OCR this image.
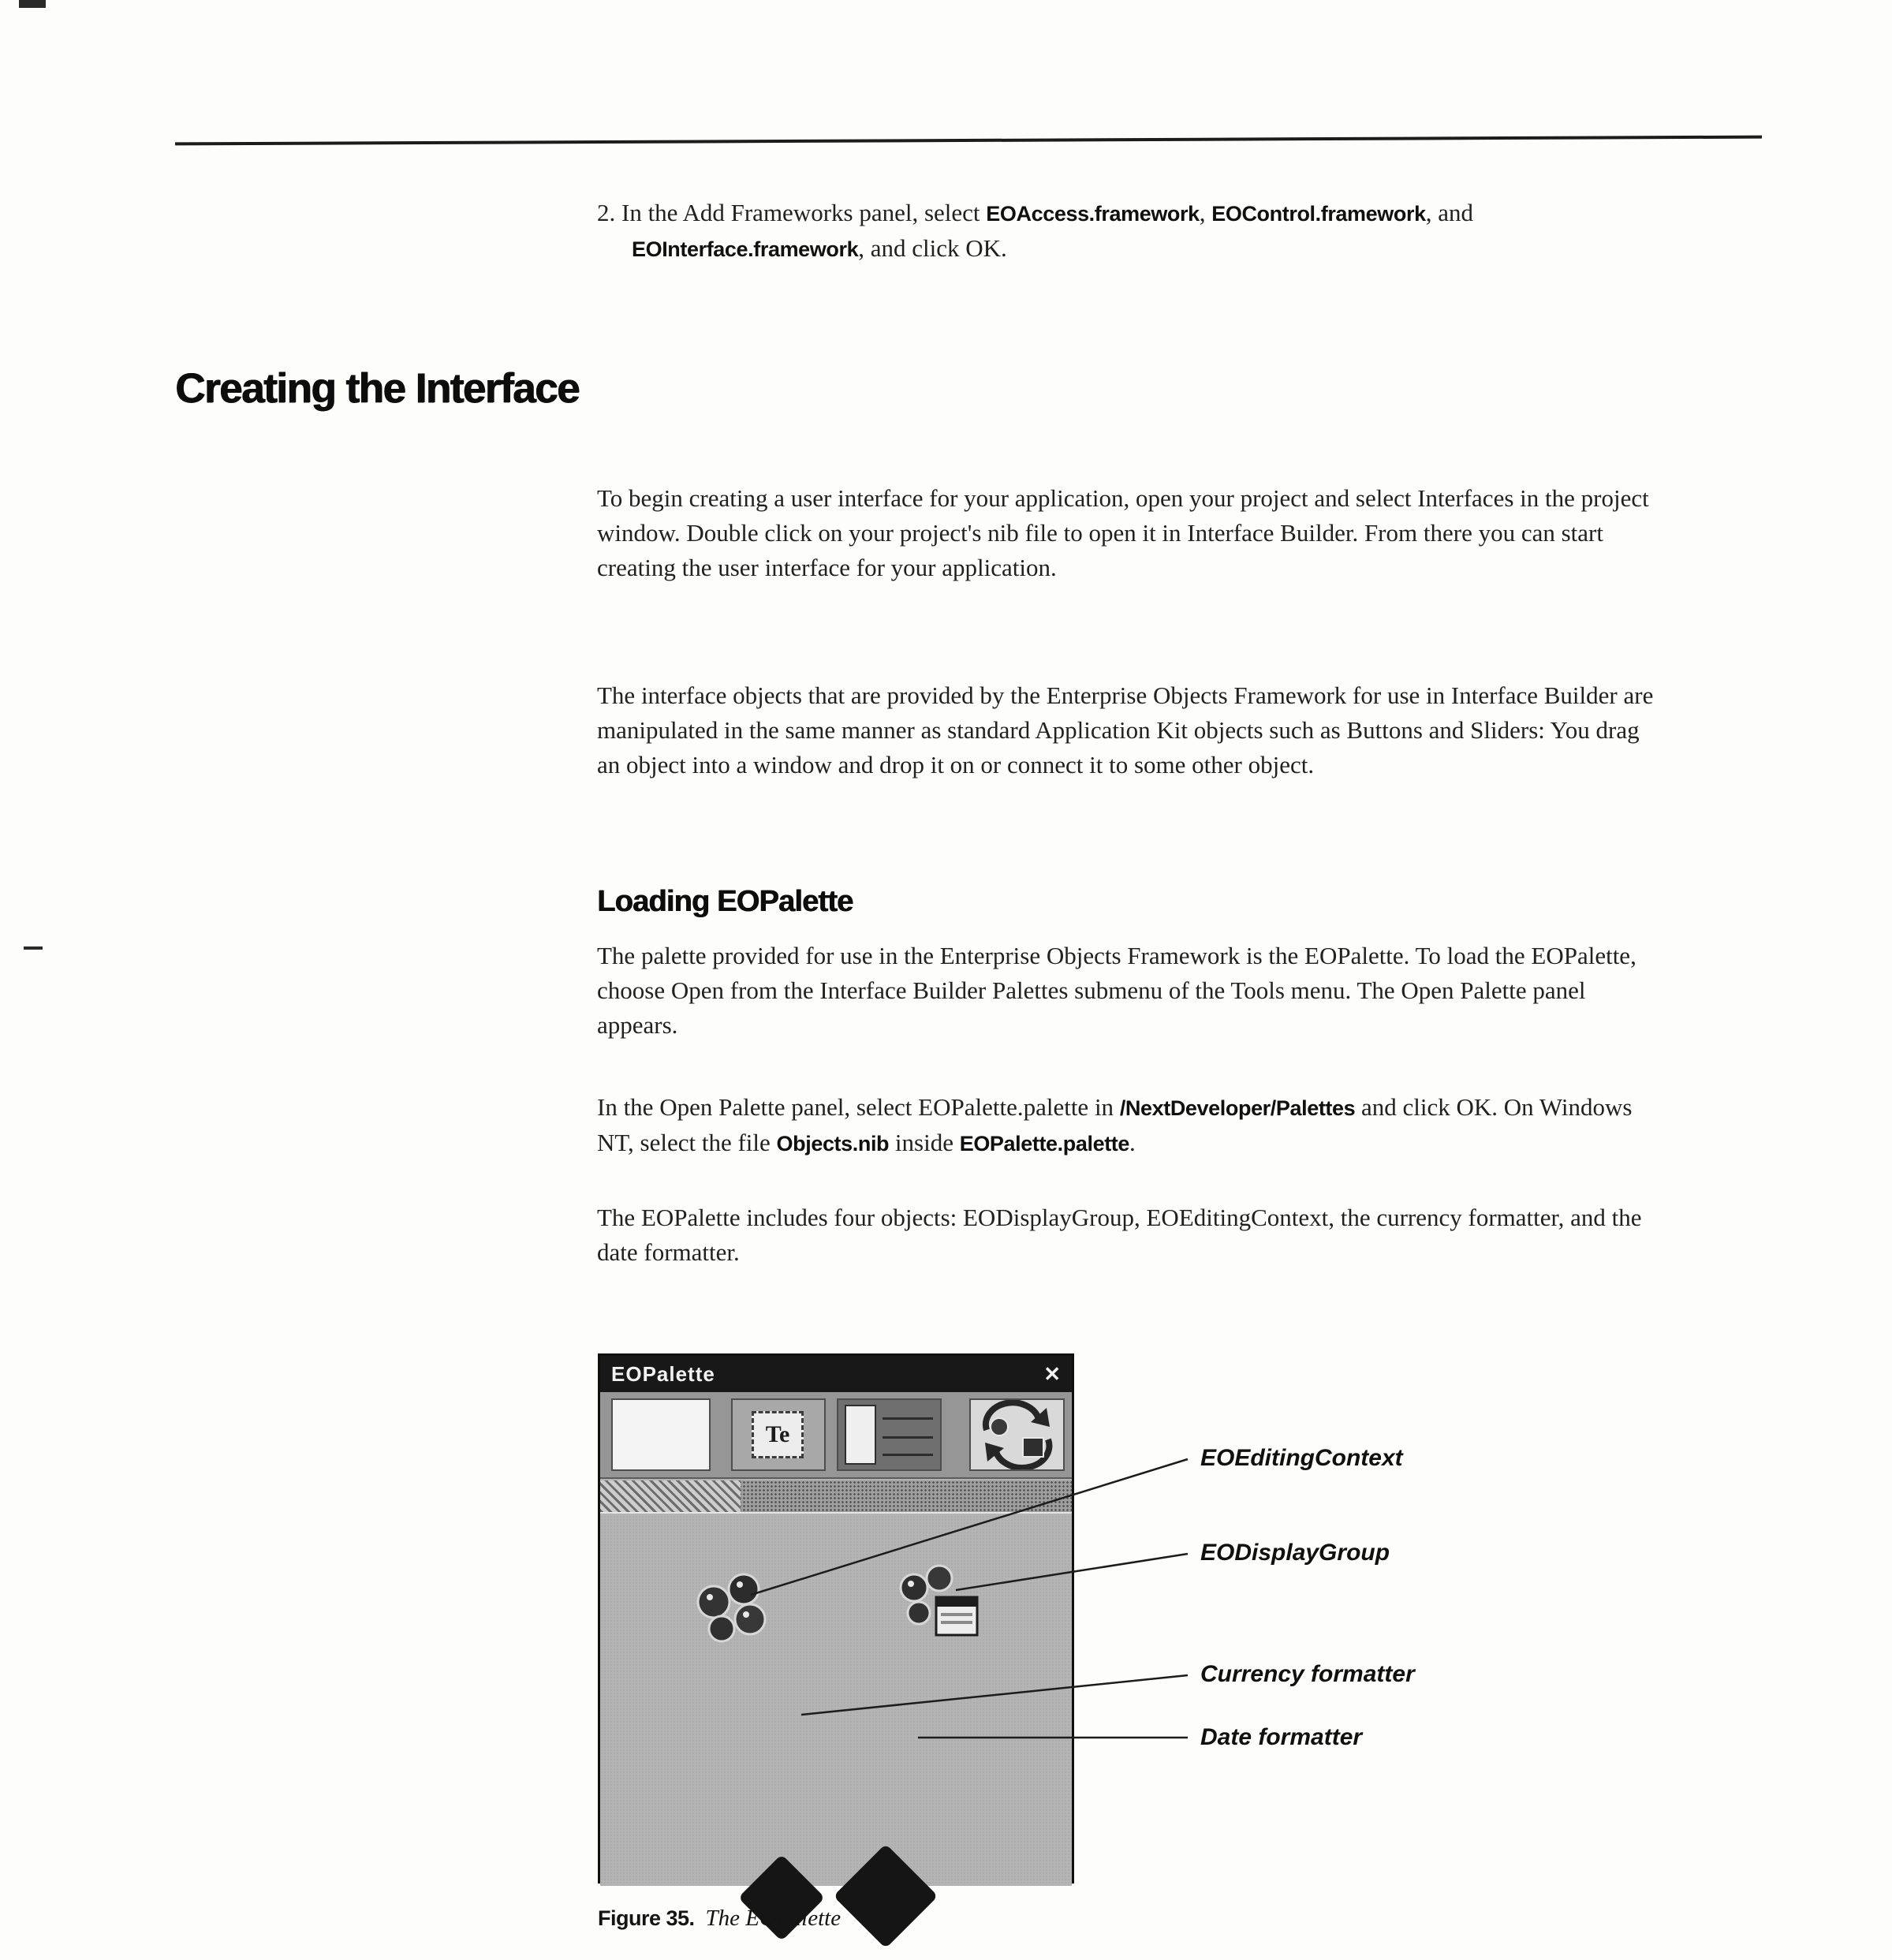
2. In the Add Frameworks panel, select EOAccess.framework, EOControl.framework, and EOInterface.framework, and click OK.
Creating the Interface

To begin creating a user interface for your application, open your project and select Interfaces in the project window. Double click on your project's nib file to open it in Interface Builder. From there you can start creating the user interface for your application.

The interface objects that are provided by the Enterprise Objects Framework for use in Interface Builder are manipulated in the same manner as standard Application Kit objects such as Buttons and Sliders: You drag an object into a window and drop it on or connect it to some other object.

Loading EOPalette

The palette provided for use in the Enterprise Objects Framework is the EOPalette. To load the EOPalette, choose Open from the Interface Builder Palettes submenu of the Tools menu. The Open Palette panel appears.

In the Open Palette panel, select EOPalette.palette in /NextDeveloper/Palettes and click OK. On Windows NT, select the file Objects.nib inside EOPalette.palette.

The EOPalette includes four objects: EODisplayGroup, EOEditingContext, the currency formatter, and the date formatter.

EOPalette	✕
Te
EOEditingContext
EODisplayGroup
Currency formatter
Date formatter
Figure 35. The EOPalette
